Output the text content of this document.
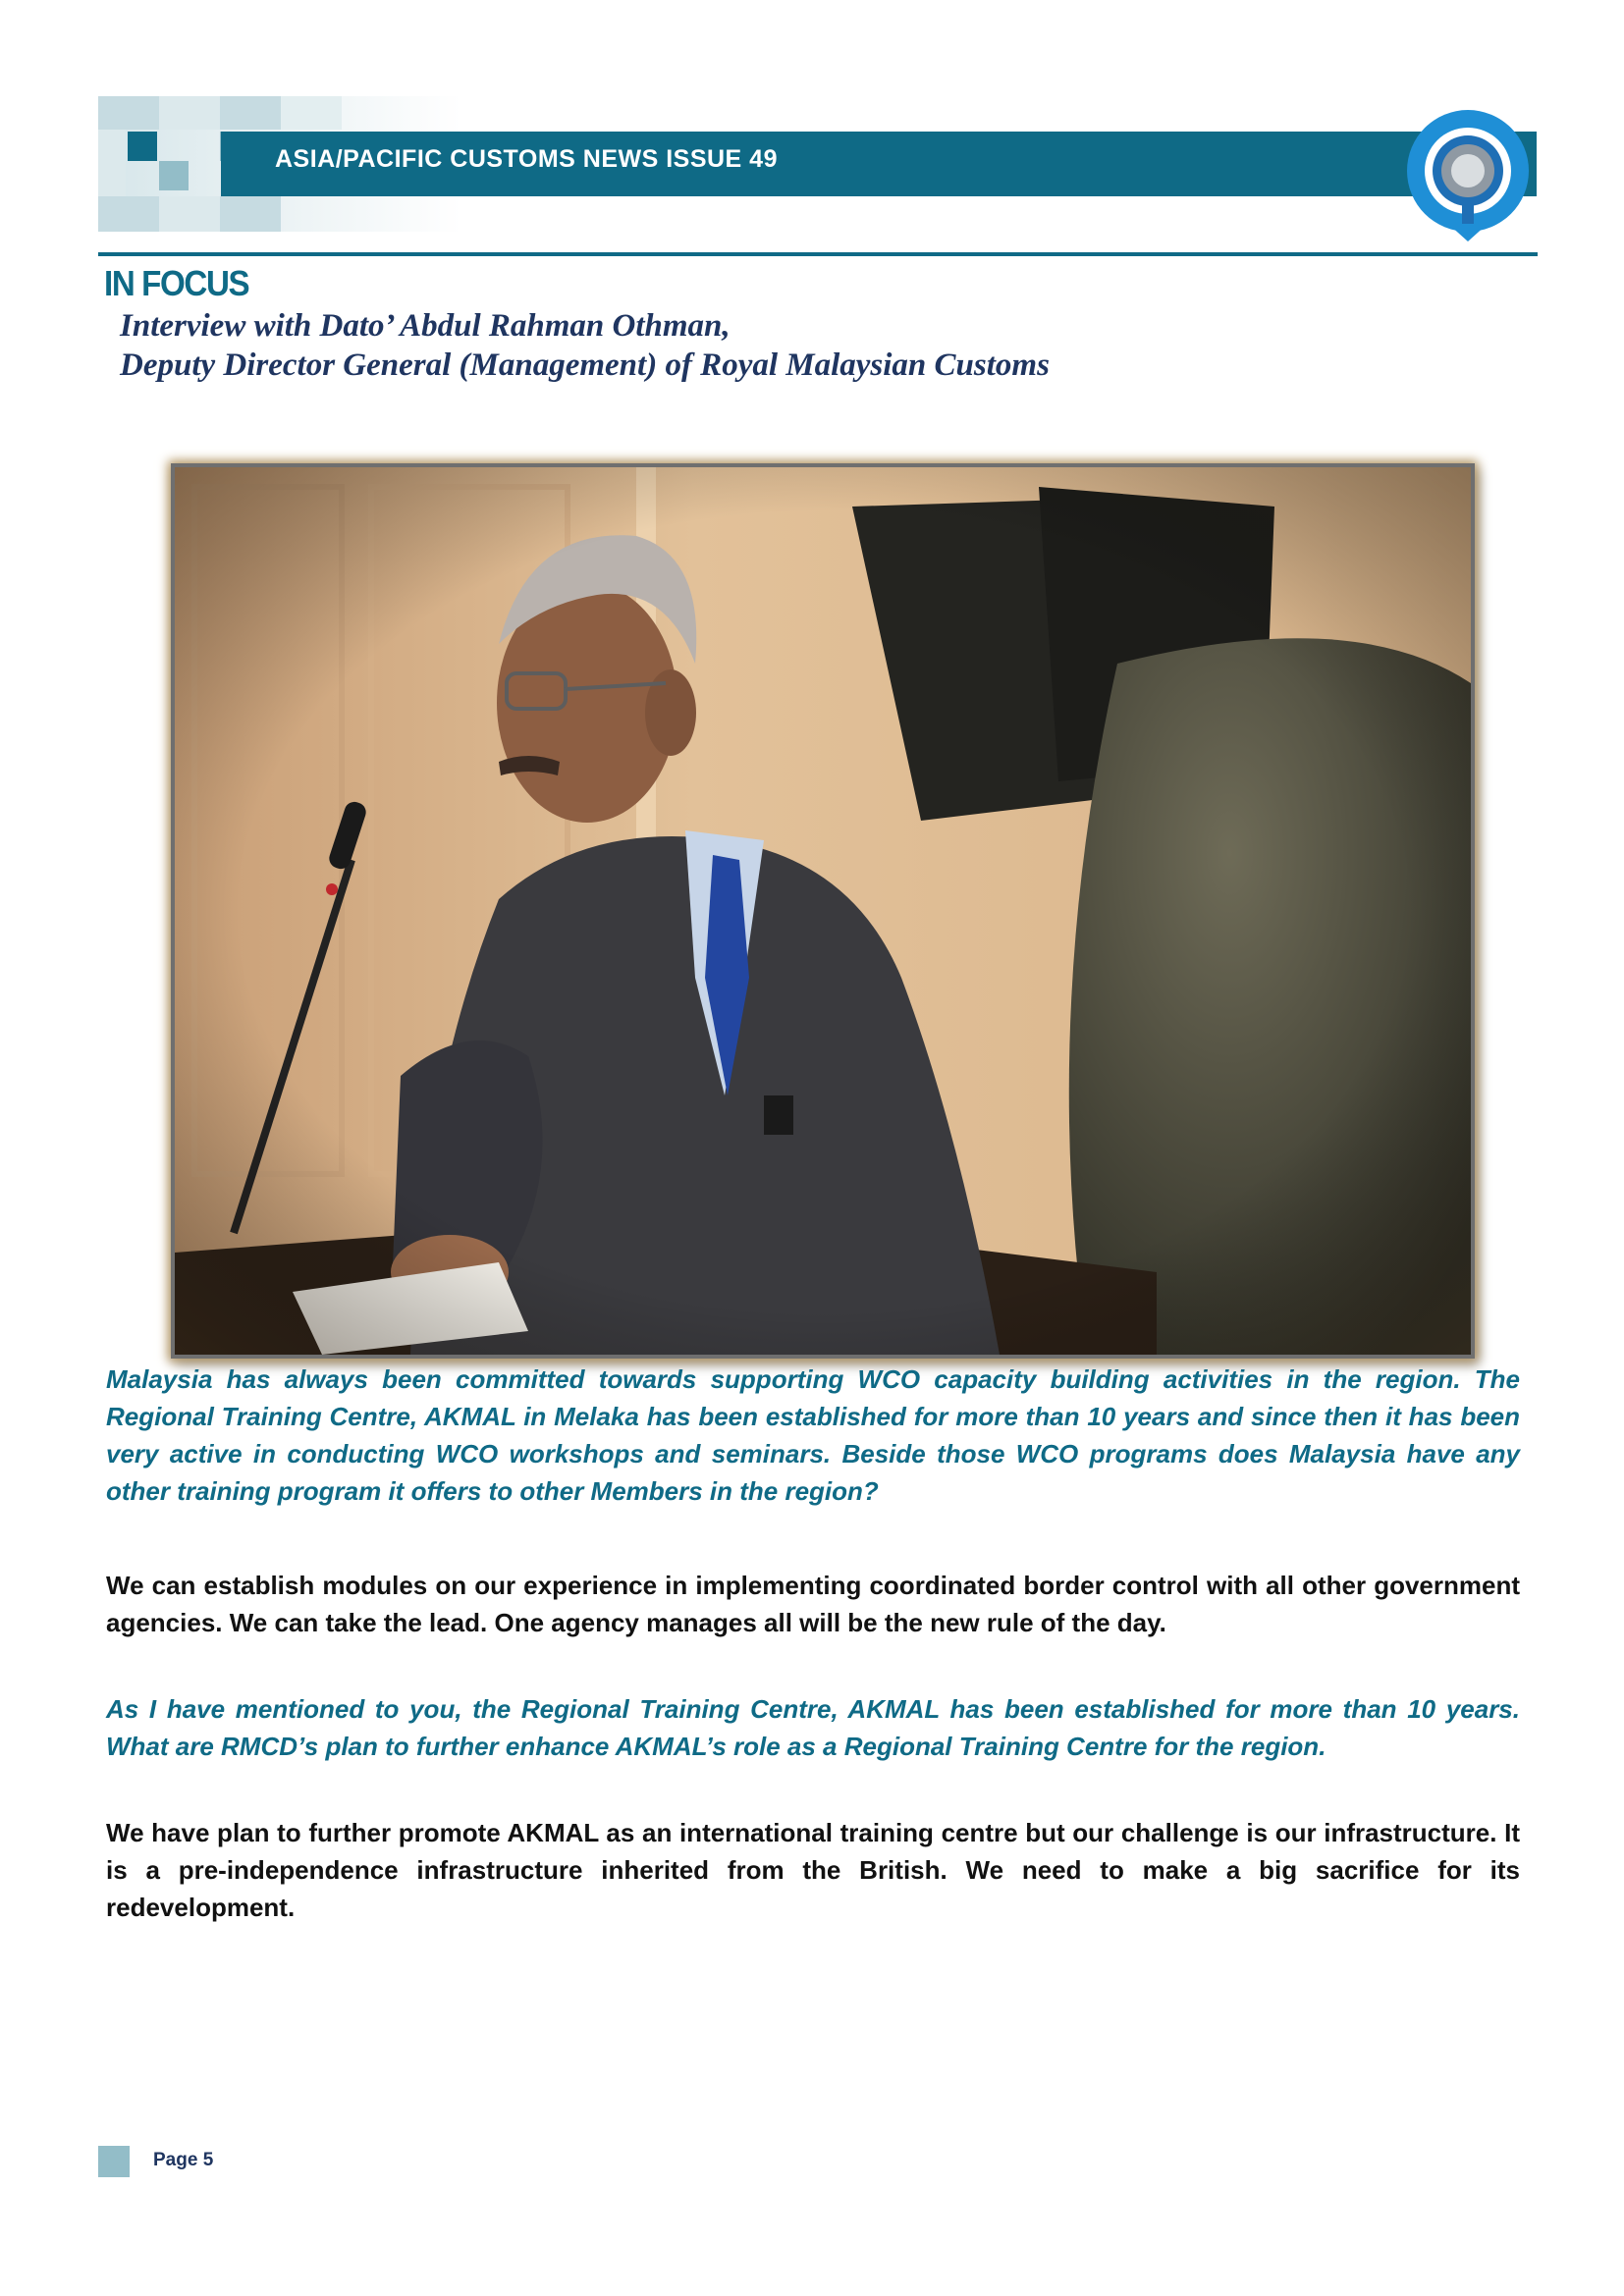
ASIA/PACIFIC CUSTOMS NEWS ISSUE 49
Pacific Re
IN FOCUS
Interview with Dato’ Abdul Rahman Othman,
Deputy Director General (Management) of Royal Malaysian Customs

Malaysia has always been committed towards supporting WCO capacity building activities in the region. The Regional Training Centre, AKMAL in Melaka has been established for more than 10 years and since then it has been very active in conducting WCO workshops and seminars. Beside those WCO programs does Malaysia have any other training program it offers to other Members in the region?

We can establish modules on our experience in implementing coordinated border control with all other government agencies. We can take the lead. One agency manages all will be the new rule of the day.

As I have mentioned to you, the Regional Training Centre, AKMAL has been established for more than 10 years. What are RMCD’s plan to further enhance AKMAL’s role as a Regional Training Centre for the region.

We have plan to further promote AKMAL as an international training centre but our challenge is our infrastructure. It is a pre-independence infrastructure inherited from the British. We need to make a big sacrifice for its redevelopment.

Page 5
